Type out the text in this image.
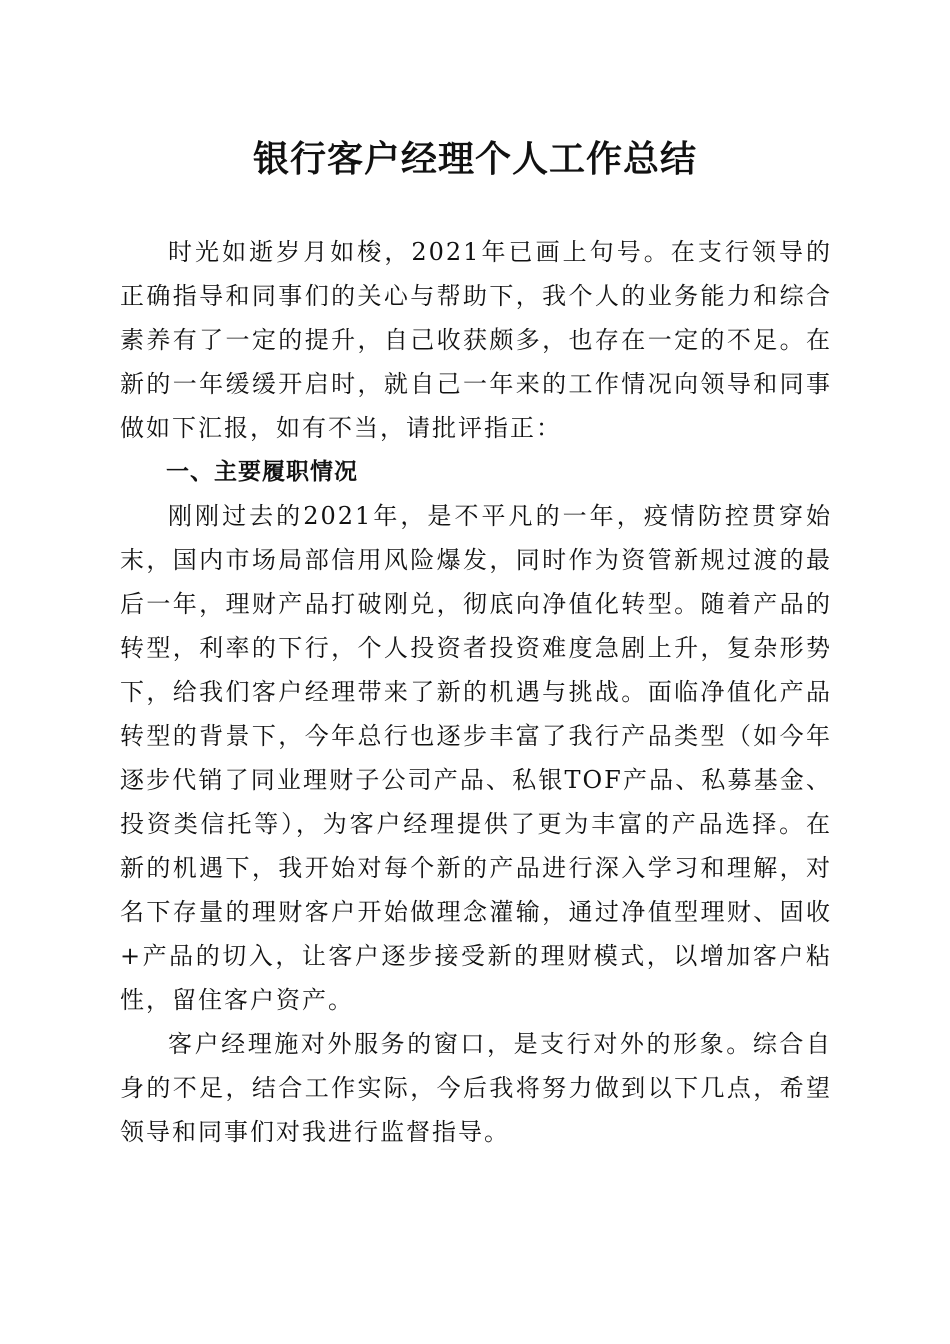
银行客户经理个人工作总结

时光如逝岁月如梭，2021年已画上句号。在支行领导的正确指导和同事们的关心与帮助下，我个人的业务能力和综合素养有了一定的提升，自己收获颇多，也存在一定的不足。在新的一年缓缓开启时，就自己一年来的工作情况向领导和同事做如下汇报，如有不当，请批评指正：

一、主要履职情况

刚刚过去的2021年，是不平凡的一年，疫情防控贯穿始末，国内市场局部信用风险爆发，同时作为资管新规过渡的最后一年，理财产品打破刚兑，彻底向净值化转型。随着产品的转型，利率的下行，个人投资者投资难度急剧上升，复杂形势下，给我们客户经理带来了新的机遇与挑战。面临净值化产品转型的背景下，今年总行也逐步丰富了我行产品类型（如今年逐步代销了同业理财子公司产品、私银TOF产品、私募基金、投资类信托等），为客户经理提供了更为丰富的产品选择。在新的机遇下，我开始对每个新的产品进行深入学习和理解，对名下存量的理财客户开始做理念灌输，通过净值型理财、固收+产品的切入，让客户逐步接受新的理财模式，以增加客户粘性，留住客户资产。

客户经理施对外服务的窗口，是支行对外的形象。综合自身的不足，结合工作实际，今后我将努力做到以下几点，希望领导和同事们对我进行监督指导。
